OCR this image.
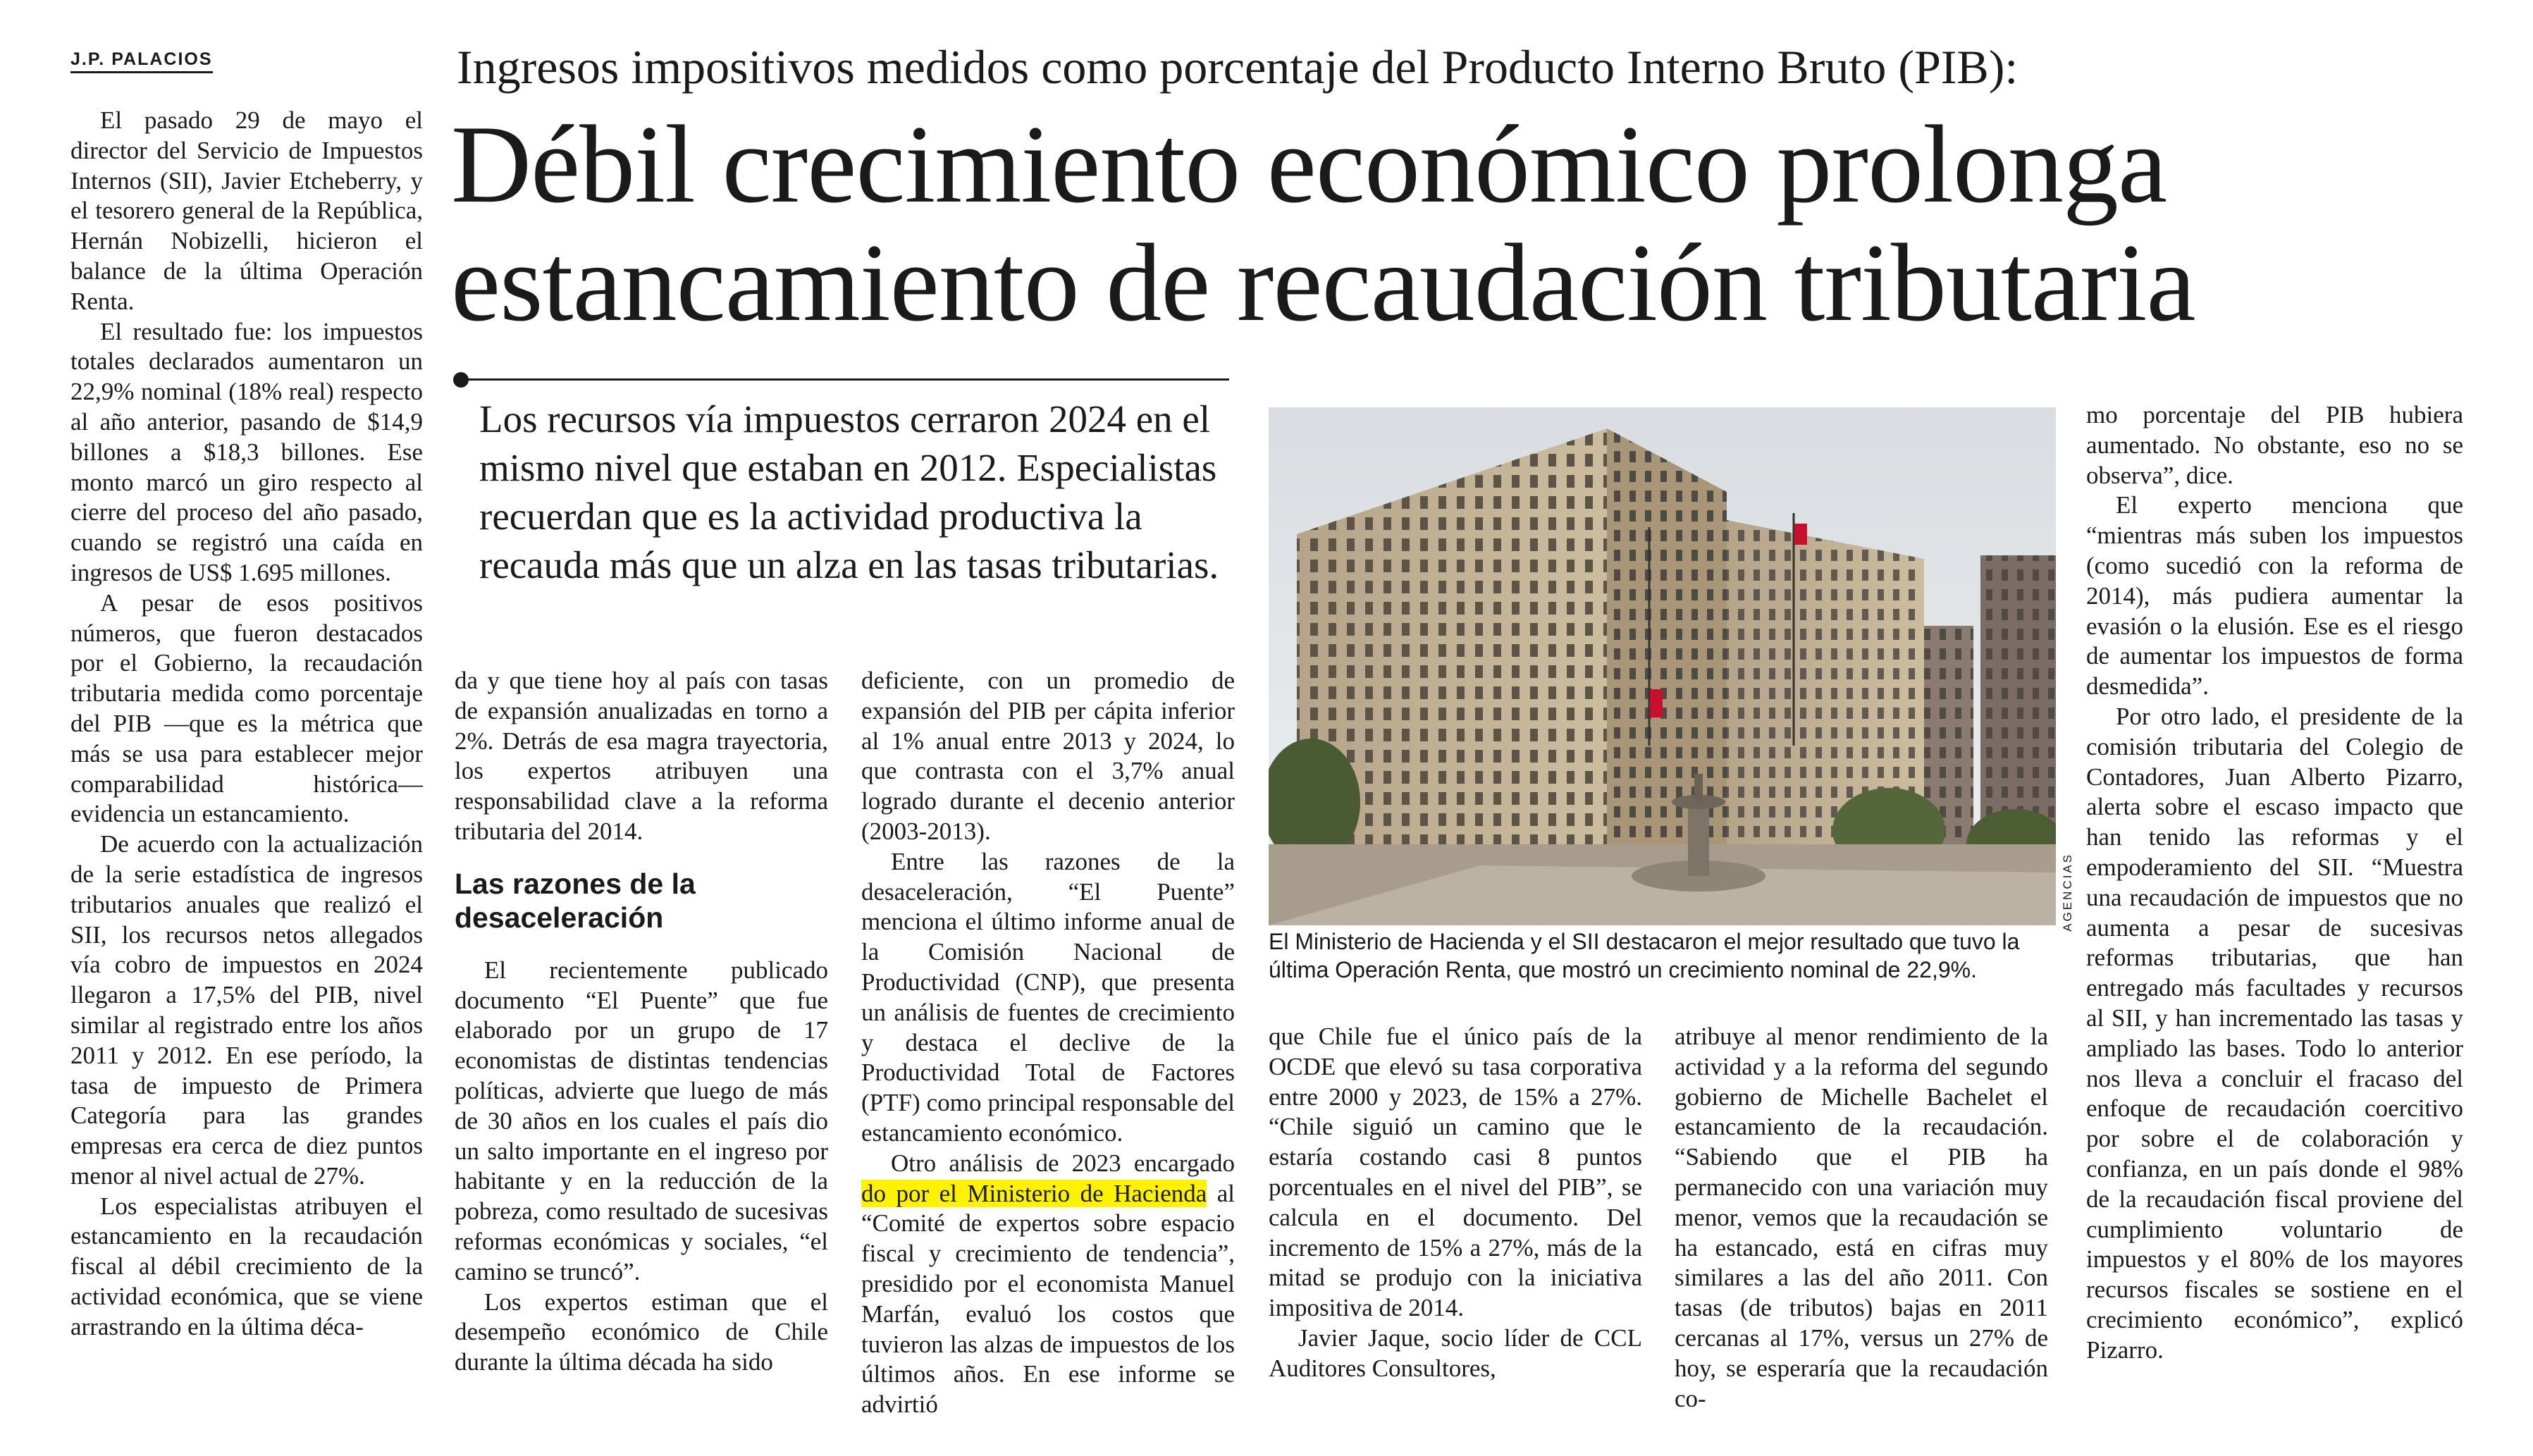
J.P. PALACIOS	Ingresos impositivos medidos como porcentaje del Producto Interno Bruto (PIB):
Débil crecimiento económico prolonga
estancamiento de recaudación tributaria
Los recursos vía impuestos cerraron 2024 en el mismo nivel que estaban en 2012. Especialistas recuerdan que es la actividad productiva la recauda más que un alza en las tasas tributarias.

El pasado 29 de mayo el director del Servicio de Impuestos Internos (SII), Javier Etcheberry, y el tesorero general de la República, Hernán Nobizelli, hicieron el balance de la última Operación Renta.

El resultado fue: los impuestos totales declarados aumentaron un 22,9% nominal (18% real) respecto al año anterior, pasando de $14,9 billones a $18,3 billones. Ese monto marcó un giro respecto al cierre del proceso del año pasado, cuando se registró una caída en ingresos de US$ 1.695 millones.

A pesar de esos positivos números, que fueron destacados por el Gobierno, la recaudación tributaria medida como porcentaje del PIB —que es la métrica que más se usa para establecer mejor comparabilidad histórica— evidencia un estancamiento.

De acuerdo con la actualización de la serie estadística de ingresos tributarios anuales que realizó el SII, los recursos netos allegados vía cobro de impuestos en 2024 llegaron a 17,5% del PIB, nivel similar al registrado entre los años 2011 y 2012. En ese período, la tasa de impuesto de Primera Categoría para las grandes empresas era cerca de diez puntos menor al nivel actual de 27%.

Los especialistas atribuyen el estancamiento en la recaudación fiscal al débil crecimiento de la actividad económica, que se viene arrastrando en la última déca-

da y que tiene hoy al país con tasas de expansión anualizadas en torno a 2%. Detrás de esa magra trayectoria, los expertos atribuyen una responsabilidad clave a la reforma tributaria del 2014.

Las razones de la desaceleración

El recientemente publicado documento “El Puente” que fue elaborado por un grupo de 17 economistas de distintas tendencias políticas, advierte que luego de más de 30 años en los cuales el país dio un salto importante en el ingreso por habitante y en la reducción de la pobreza, como resultado de sucesivas reformas económicas y sociales, “el camino se truncó”.

Los expertos estiman que el desempeño económico de Chile durante la última década ha sido

deficiente, con un promedio de expansión del PIB per cápita inferior al 1% anual entre 2013 y 2024, lo que contrasta con el 3,7% anual logrado durante el decenio anterior (2003-2013).

Entre las razones de la desaceleración, “El Puente” menciona el último informe anual de la Comisión Nacional de Productividad (CNP), que presenta un análisis de fuentes de crecimiento y destaca el declive de la Productividad Total de Factores (PTF) como principal responsable del estancamiento económico.

Otro análisis de 2023 encargado do por el Ministerio de Hacienda al “Comité de expertos sobre espacio fiscal y crecimiento de tendencia”, presidido por el economista Manuel Marfán, evaluó los costos que tuvieron las alzas de impuestos de los últimos años. En ese informe se advirtió

AGENCIAS
El Ministerio de Hacienda y el SII destacaron el mejor resultado que tuvo la última Operación Renta, que mostró un crecimiento nominal de 22,9%.

que Chile fue el único país de la OCDE que elevó su tasa corporativa entre 2000 y 2023, de 15% a 27%. “Chile siguió un camino que le estaría costando casi 8 puntos porcentuales en el nivel del PIB”, se calcula en el documento. Del incremento de 15% a 27%, más de la mitad se produjo con la iniciativa impositiva de 2014.

Javier Jaque, socio líder de CCL Auditores Consultores,

atribuye al menor rendimiento de la actividad y a la reforma del segundo gobierno de Michelle Bachelet el estancamiento de la recaudación. “Sabiendo que el PIB ha permanecido con una variación muy menor, vemos que la recaudación se ha estancado, está en cifras muy similares a las del año 2011. Con tasas (de tributos) bajas en 2011 cercanas al 17%, versus un 27% de hoy, se esperaría que la recaudación co-

mo porcentaje del PIB hubiera aumentado. No obstante, eso no se observa”, dice.

El experto menciona que “mientras más suben los impuestos (como sucedió con la reforma de 2014), más pudiera aumentar la evasión o la elusión. Ese es el riesgo de aumentar los impuestos de forma desmedida”.

Por otro lado, el presidente de la comisión tributaria del Colegio de Contadores, Juan Alberto Pizarro, alerta sobre el escaso impacto que han tenido las reformas y el empoderamiento del SII. “Muestra una recaudación de impuestos que no aumenta a pesar de sucesivas reformas tributarias, que han entregado más facultades y recursos al SII, y han incrementado las tasas y ampliado las bases. Todo lo anterior nos lleva a concluir el fracaso del enfoque de recaudación coercitivo por sobre el de colaboración y confianza, en un país donde el 98% de la recaudación fiscal proviene del cumplimiento voluntario de impuestos y el 80% de los mayores recursos fiscales se sostiene en el crecimiento económico”, explicó Pizarro.
